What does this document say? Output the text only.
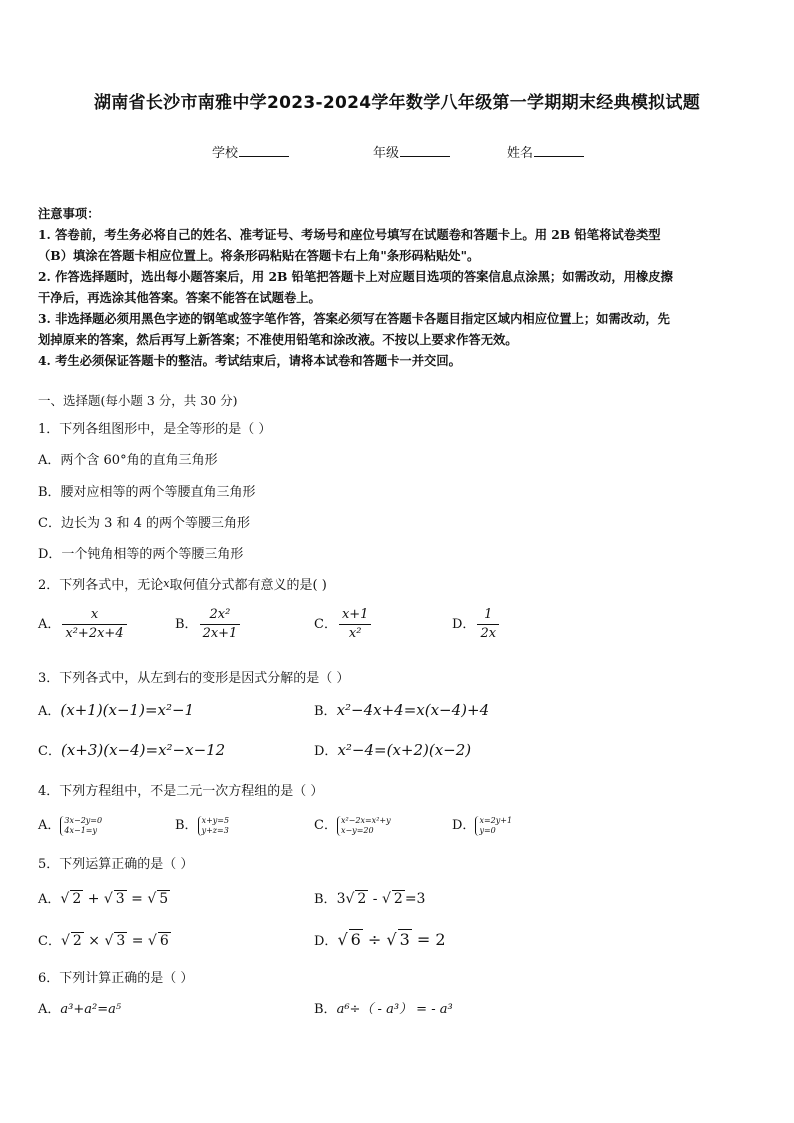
湖南省长沙市南雅中学2023-2024学年数学八年级第一学期期末经典模拟试题
学校	年级	姓名
注意事项：
1. 答卷前，考生务必将自己的姓名、准考证号、考场号和座位号填写在试题卷和答题卡上。用 2B 铅笔将试卷类型
（B）填涂在答题卡相应位置上。将条形码粘贴在答题卡右上角"条形码粘贴处"。
2. 作答选择题时，选出每小题答案后，用 2B 铅笔把答题卡上对应题目选项的答案信息点涂黑；如需改动，用橡皮擦
干净后，再选涂其他答案。答案不能答在试题卷上。
3. 非选择题必须用黑色字迹的钢笔或签字笔作答，答案必须写在答题卡各题目指定区域内相应位置上；如需改动，先
划掉原来的答案，然后再写上新答案；不准使用铅笔和涂改液。不按以上要求作答无效。
4. 考生必须保证答题卡的整洁。考试结束后，请将本试卷和答题卡一并交回。
一、选择题(每小题 3 分，共 30 分)
1．下列各组图形中，是全等形的是（ ）
A．两个含 60°角的直角三角形
B．腰对应相等的两个等腰直角三角形
C．边长为 3 和 4 的两个等腰三角形
D．一个钝角相等的两个等腰三角形
2．下列各式中，无论x取何值分式都有意义的是( )
A． $\frac{x}{\text{x²+2x+4}}$	B． $\frac{\text{2x²}}{2x+1}$	C． $\frac{x+1}{\text{x²}}$	D． $\frac{1}{2x}$
3．下列各式中，从左到右的变形是因式分解的是（ ）
A．(x+1)(x−1)=x²−1	B．x²−4x+4=x(x−4)+4
C．(x+3)(x−4)=x²−x−12	D．x²−4=(x+2)(x−2)
4．下列方程组中，不是二元一次方程组的是（ ）
A． 3x−2y=0
4x−1=y	B． x+y=5
y+z=3	C． x²−2x=x²+y
x−y=20	D． x=2y+1
y=0
5．下列运算正确的是（ ）
A．√ 2 + √ 3 = √ 5	B．3√ 2 - √ 2 =3
C．√ 2 × √ 3 = √ 6	D．√ 6 ÷ √ 3 = 2
6．下列计算正确的是（ ）
A．a³+a²=a⁵	B．a⁶÷（ - a³） = - a³
